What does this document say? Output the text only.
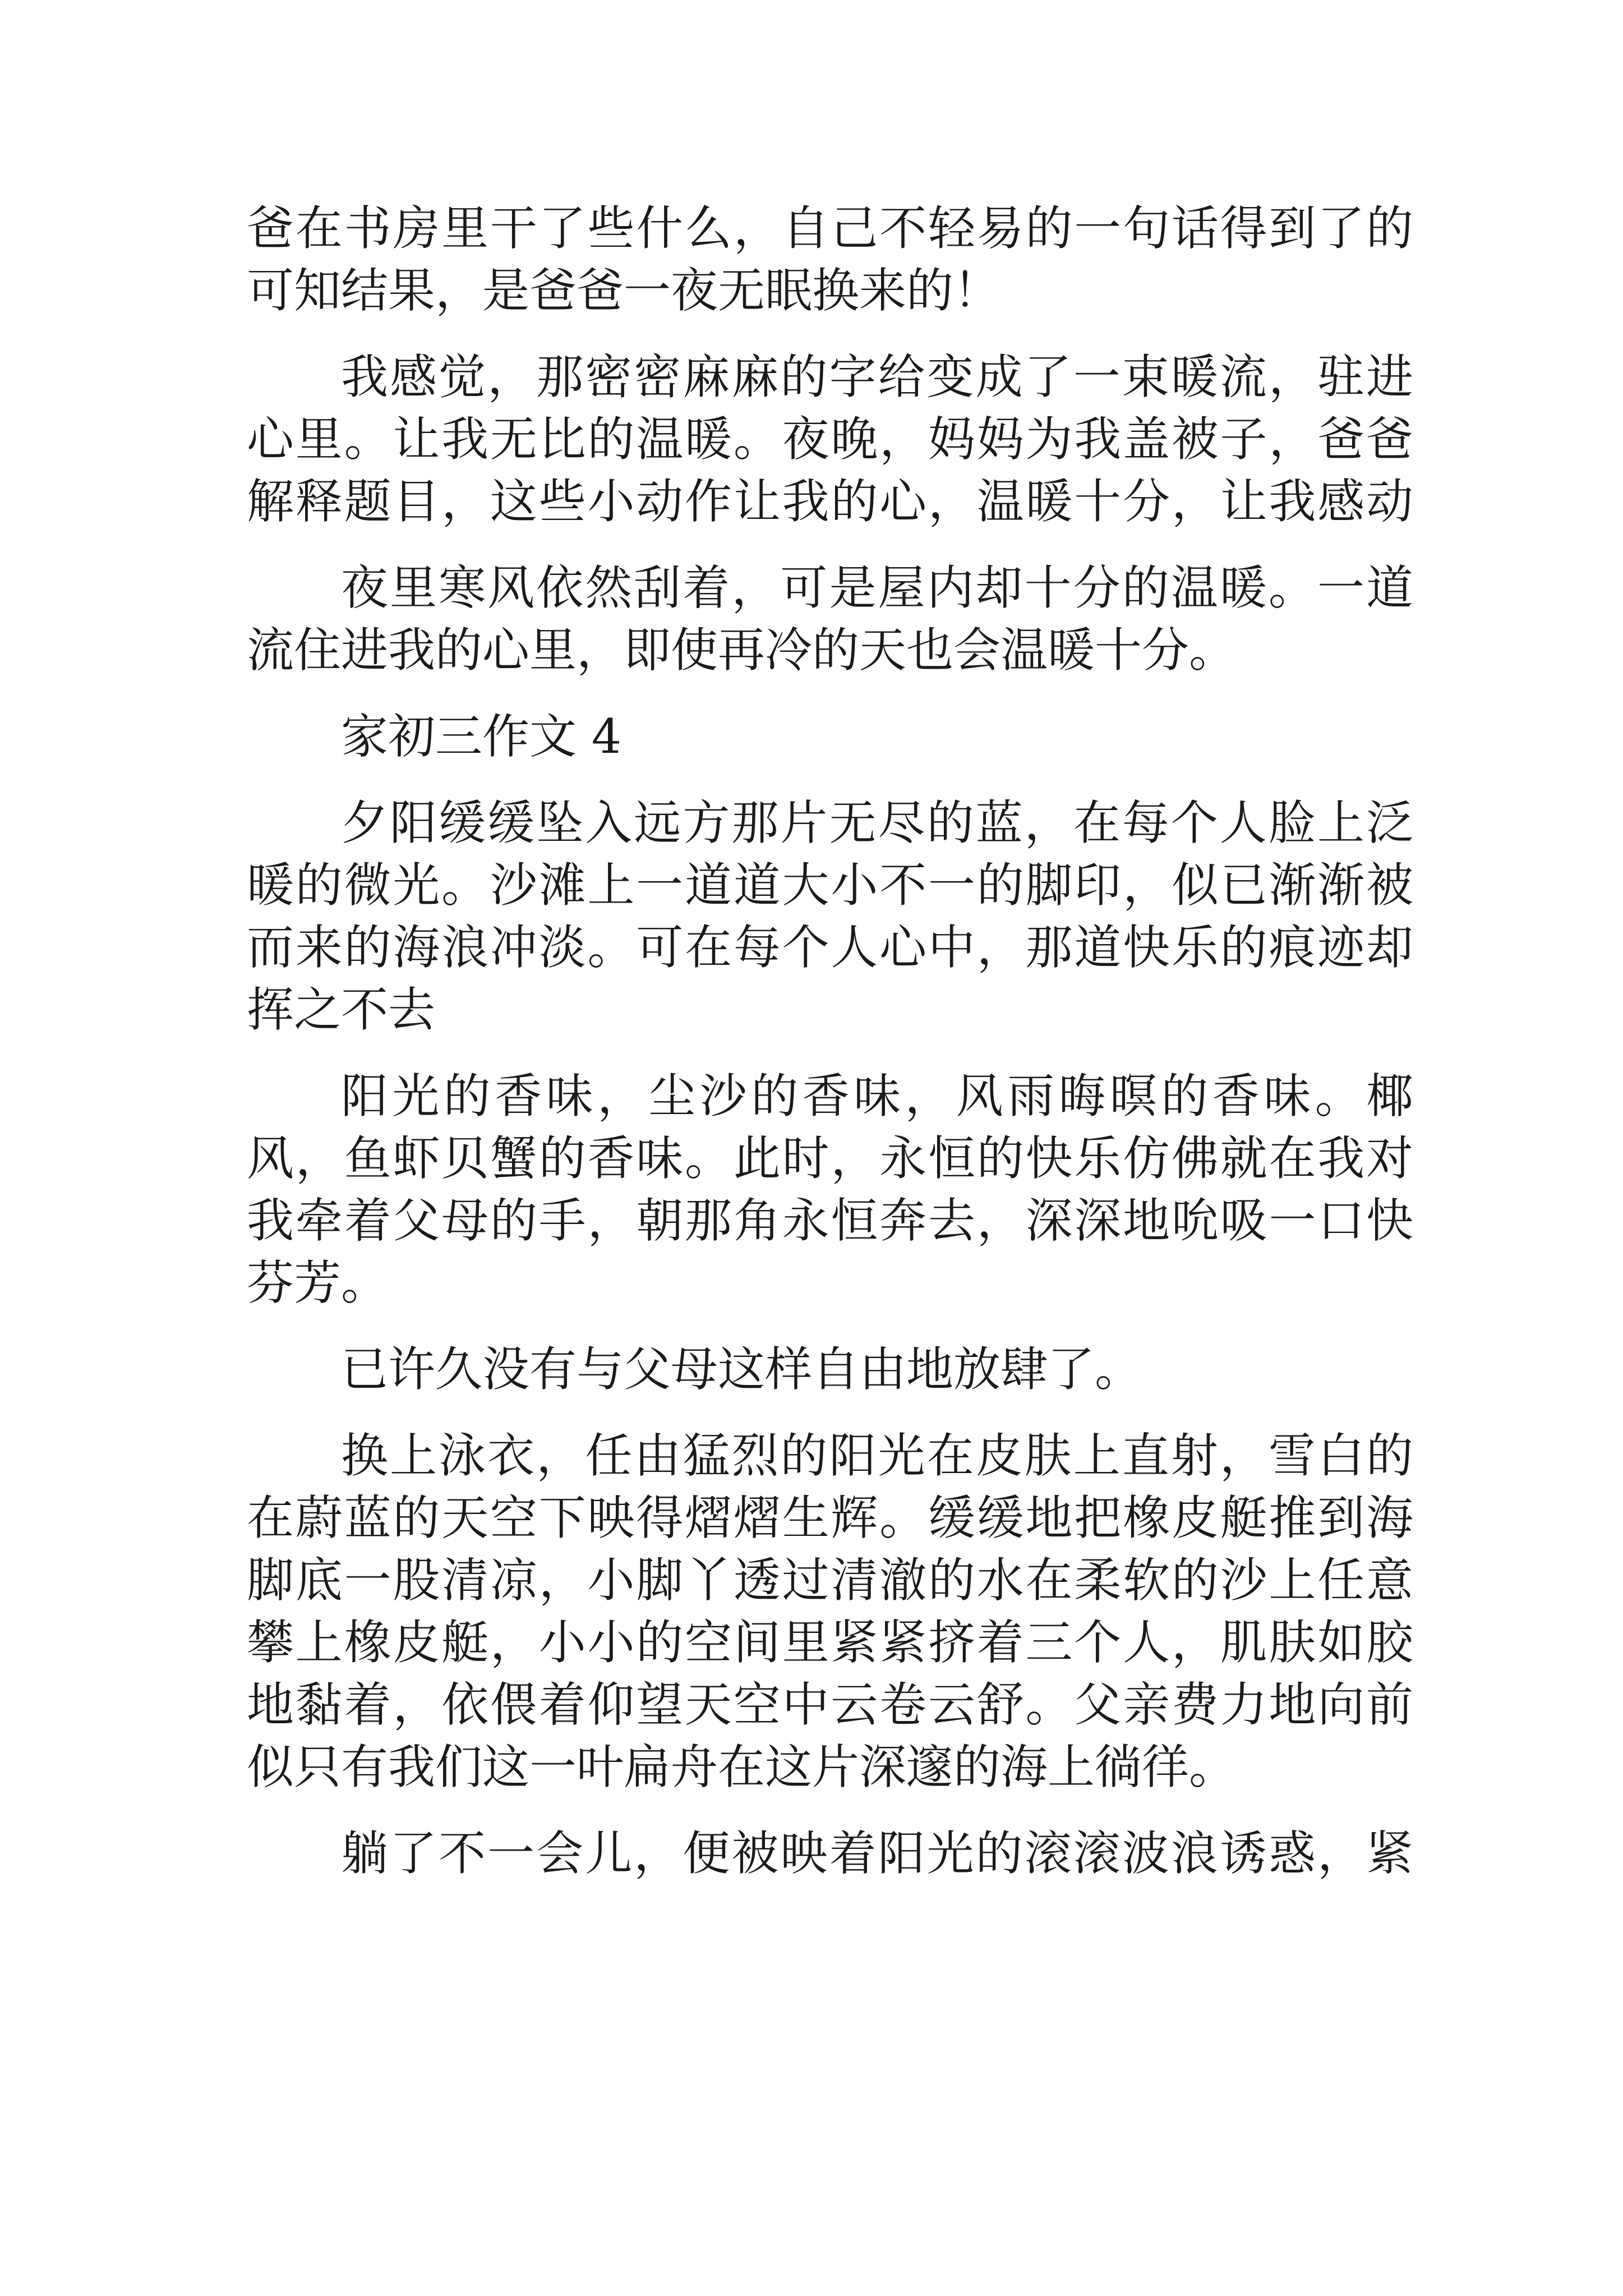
爸在书房里干了些什么，自己不轻易的一句话得到了的
可知结果，是爸爸一夜无眠换来的！
我感觉，那密密麻麻的字给变成了一束暖流，驻进
心里。让我无比的温暖。夜晚，妈妈为我盖被子，爸爸
解释题目，这些小动作让我的心，温暖十分，让我感动
夜里寒风依然刮着，可是屋内却十分的温暖。一道
流住进我的心里，即使再冷的天也会温暖十分。
家初三作文 4
夕阳缓缓坠入远方那片无尽的蓝，在每个人脸上泛
暖的微光。沙滩上一道道大小不一的脚印，似已渐渐被
而来的海浪冲淡。可在每个人心中，那道快乐的痕迹却
挥之不去
阳光的香味，尘沙的香味，风雨晦暝的香味。椰
风，鱼虾贝蟹的香味。此时，永恒的快乐仿佛就在我对
我牵着父母的手，朝那角永恒奔去，深深地吮吸一口快
芬芳。
已许久没有与父母这样自由地放肆了。
换上泳衣，任由猛烈的阳光在皮肤上直射，雪白的
在蔚蓝的天空下映得熠熠生辉。缓缓地把橡皮艇推到海
脚底一股清凉，小脚丫透过清澈的水在柔软的沙上任意
攀上橡皮艇，小小的空间里紧紧挤着三个人，肌肤如胶
地黏着，依偎着仰望天空中云卷云舒。父亲费力地向前
似只有我们这一叶扁舟在这片深邃的海上徜徉。
躺了不一会儿，便被映着阳光的滚滚波浪诱惑，紧
